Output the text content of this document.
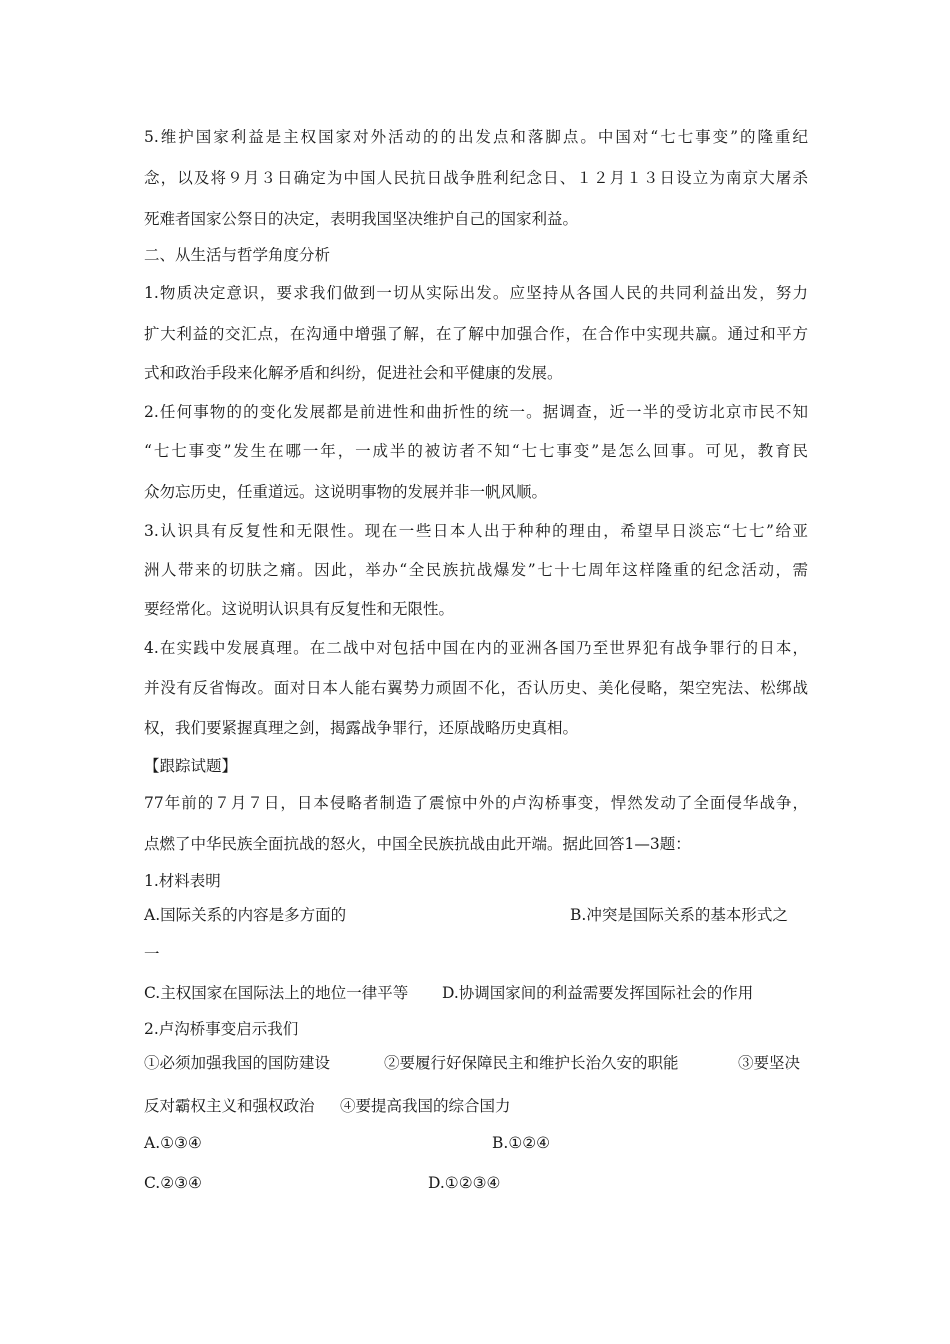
5.维护国家利益是主权国家对外活动的的出发点和落脚点。中国对“七七事变”的隆重纪
念，以及将９月３日确定为中国人民抗日战争胜利纪念日、１２月１３日设立为南京大屠杀
死难者国家公祭日的决定，表明我国坚决维护自己的国家利益。
二、从生活与哲学角度分析
1.物质决定意识，要求我们做到一切从实际出发。应坚持从各国人民的共同利益出发，努力
扩大利益的交汇点，在沟通中增强了解，在了解中加强合作，在合作中实现共赢。通过和平方
式和政治手段来化解矛盾和纠纷，促进社会和平健康的发展。
2.任何事物的的变化发展都是前进性和曲折性的统一。据调查，近一半的受访北京市民不知
“七七事变”发生在哪一年，一成半的被访者不知“七七事变”是怎么回事。可见，教育民
众勿忘历史，任重道远。这说明事物的发展并非一帆风顺。
3.认识具有反复性和无限性。现在一些日本人出于种种的理由，希望早日淡忘“七七”给亚
洲人带来的切肤之痛。因此，举办“全民族抗战爆发”七十七周年这样隆重的纪念活动，需
要经常化。这说明认识具有反复性和无限性。
4.在实践中发展真理。在二战中对包括中国在内的亚洲各国乃至世界犯有战争罪行的日本，
并没有反省悔改。面对日本人能右翼势力顽固不化，否认历史、美化侵略，架空宪法、松绑战
权，我们要紧握真理之剑，揭露战争罪行，还原战略历史真相。
【跟踪试题】
77年前的７月７日，日本侵略者制造了震惊中外的卢沟桥事变，悍然发动了全面侵华战争，
点燃了中华民族全面抗战的怒火，中国全民族抗战由此开端。据此回答1—3题：
1.材料表明
A.国际关系的内容是多方面的	B.冲突是国际关系的基本形式之
一
C.主权国家在国际法上的地位一律平等 D.协调国家间的利益需要发挥国际社会的作用
2.卢沟桥事变启示我们
①必须加强我国的国防建设	②要履行好保障民主和维护长治久安的职能	③要坚决
反对霸权主义和强权政治 ④要提高我国的综合国力
A.①③④	B.①②④
C.②③④	D.①②③④
